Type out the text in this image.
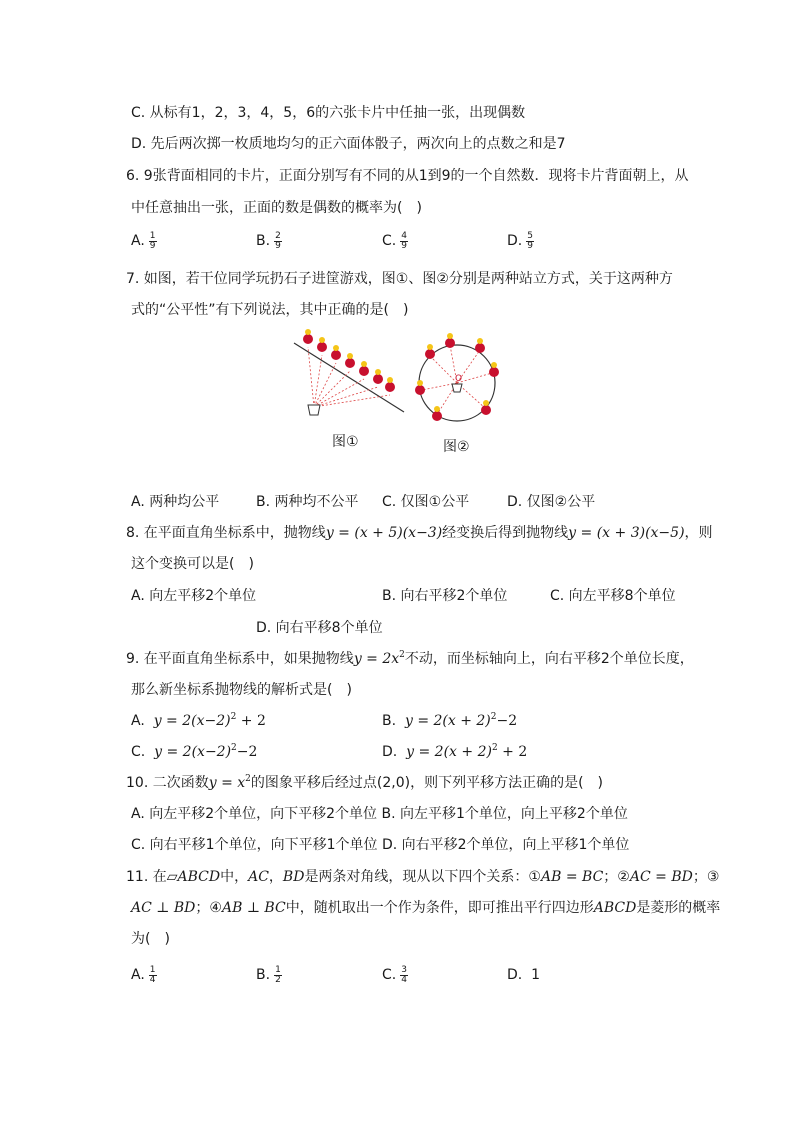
C. 从标有1，2，3，4，5，6的六张卡片中任抽一张，出现偶数
D. 先后两次掷一枚质地均匀的正六面体骰子，两次向上的点数之和是7
6. 9张背面相同的卡片，正面分别写有不同的从1到9的一个自然数．现将卡片背面朝上，从
中任意抽出一张，正面的数是偶数的概率为(　)
A. $\frac{1}{9}$	B. $\frac{2}{9}$	C. $\frac{4}{9}$	D. $\frac{5}{9}$
7. 如图，若干位同学玩扔石子进筐游戏，图①、图②分别是两种站立方式，关于这两种方
式的“公平性”有下列说法，其中正确的是(　)
O
图①	图②
A. 两种均公平	B. 两种均不公平 C. 仅图①公平	D. 仅图②公平
8. 在平面直角坐标系中，抛物线y = (x + 5)(x−3)经变换后得到抛物线y = (x + 3)(x−5)，则
这个变换可以是(　)
A. 向左平移2个单位	B. 向右平移2个单位	C. 向左平移8个单位
D. 向右平移8个单位
9. 在平面直角坐标系中，如果抛物线$y = 2x^2$不动，而坐标轴向上，向右平移2个单位长度，
那么新坐标系抛物线的解析式是(　)
A. $y = 2(x-2)^2 + 2$	B. $y = 2(x + 2)^2-2$
C. $y = 2(x-2)^2-2$	D. $y = 2(x + 2)^2 + 2$
10. 二次函数$y = x^2$的图象平移后经过点(2,0)，则下列平移方法正确的是(　)
A. 向左平移2个单位，向下平移2个单位 B. 向左平移1个单位，向上平移2个单位
C. 向右平移1个单位，向下平移1个单位 D. 向右平移2个单位，向上平移1个单位
11. 在▱ABCD中，AC，BD是两条对角线，现从以下四个关系：①AB = BC；②AC = BD；③
AC ⊥ BD；④AB ⊥ BC中，随机取出一个作为条件，即可推出平行四边形ABCD是菱形的概率
为(　)
A. $\frac{1}{4}$	B. $\frac{1}{2}$	C. $\frac{3}{4}$	D. 1
